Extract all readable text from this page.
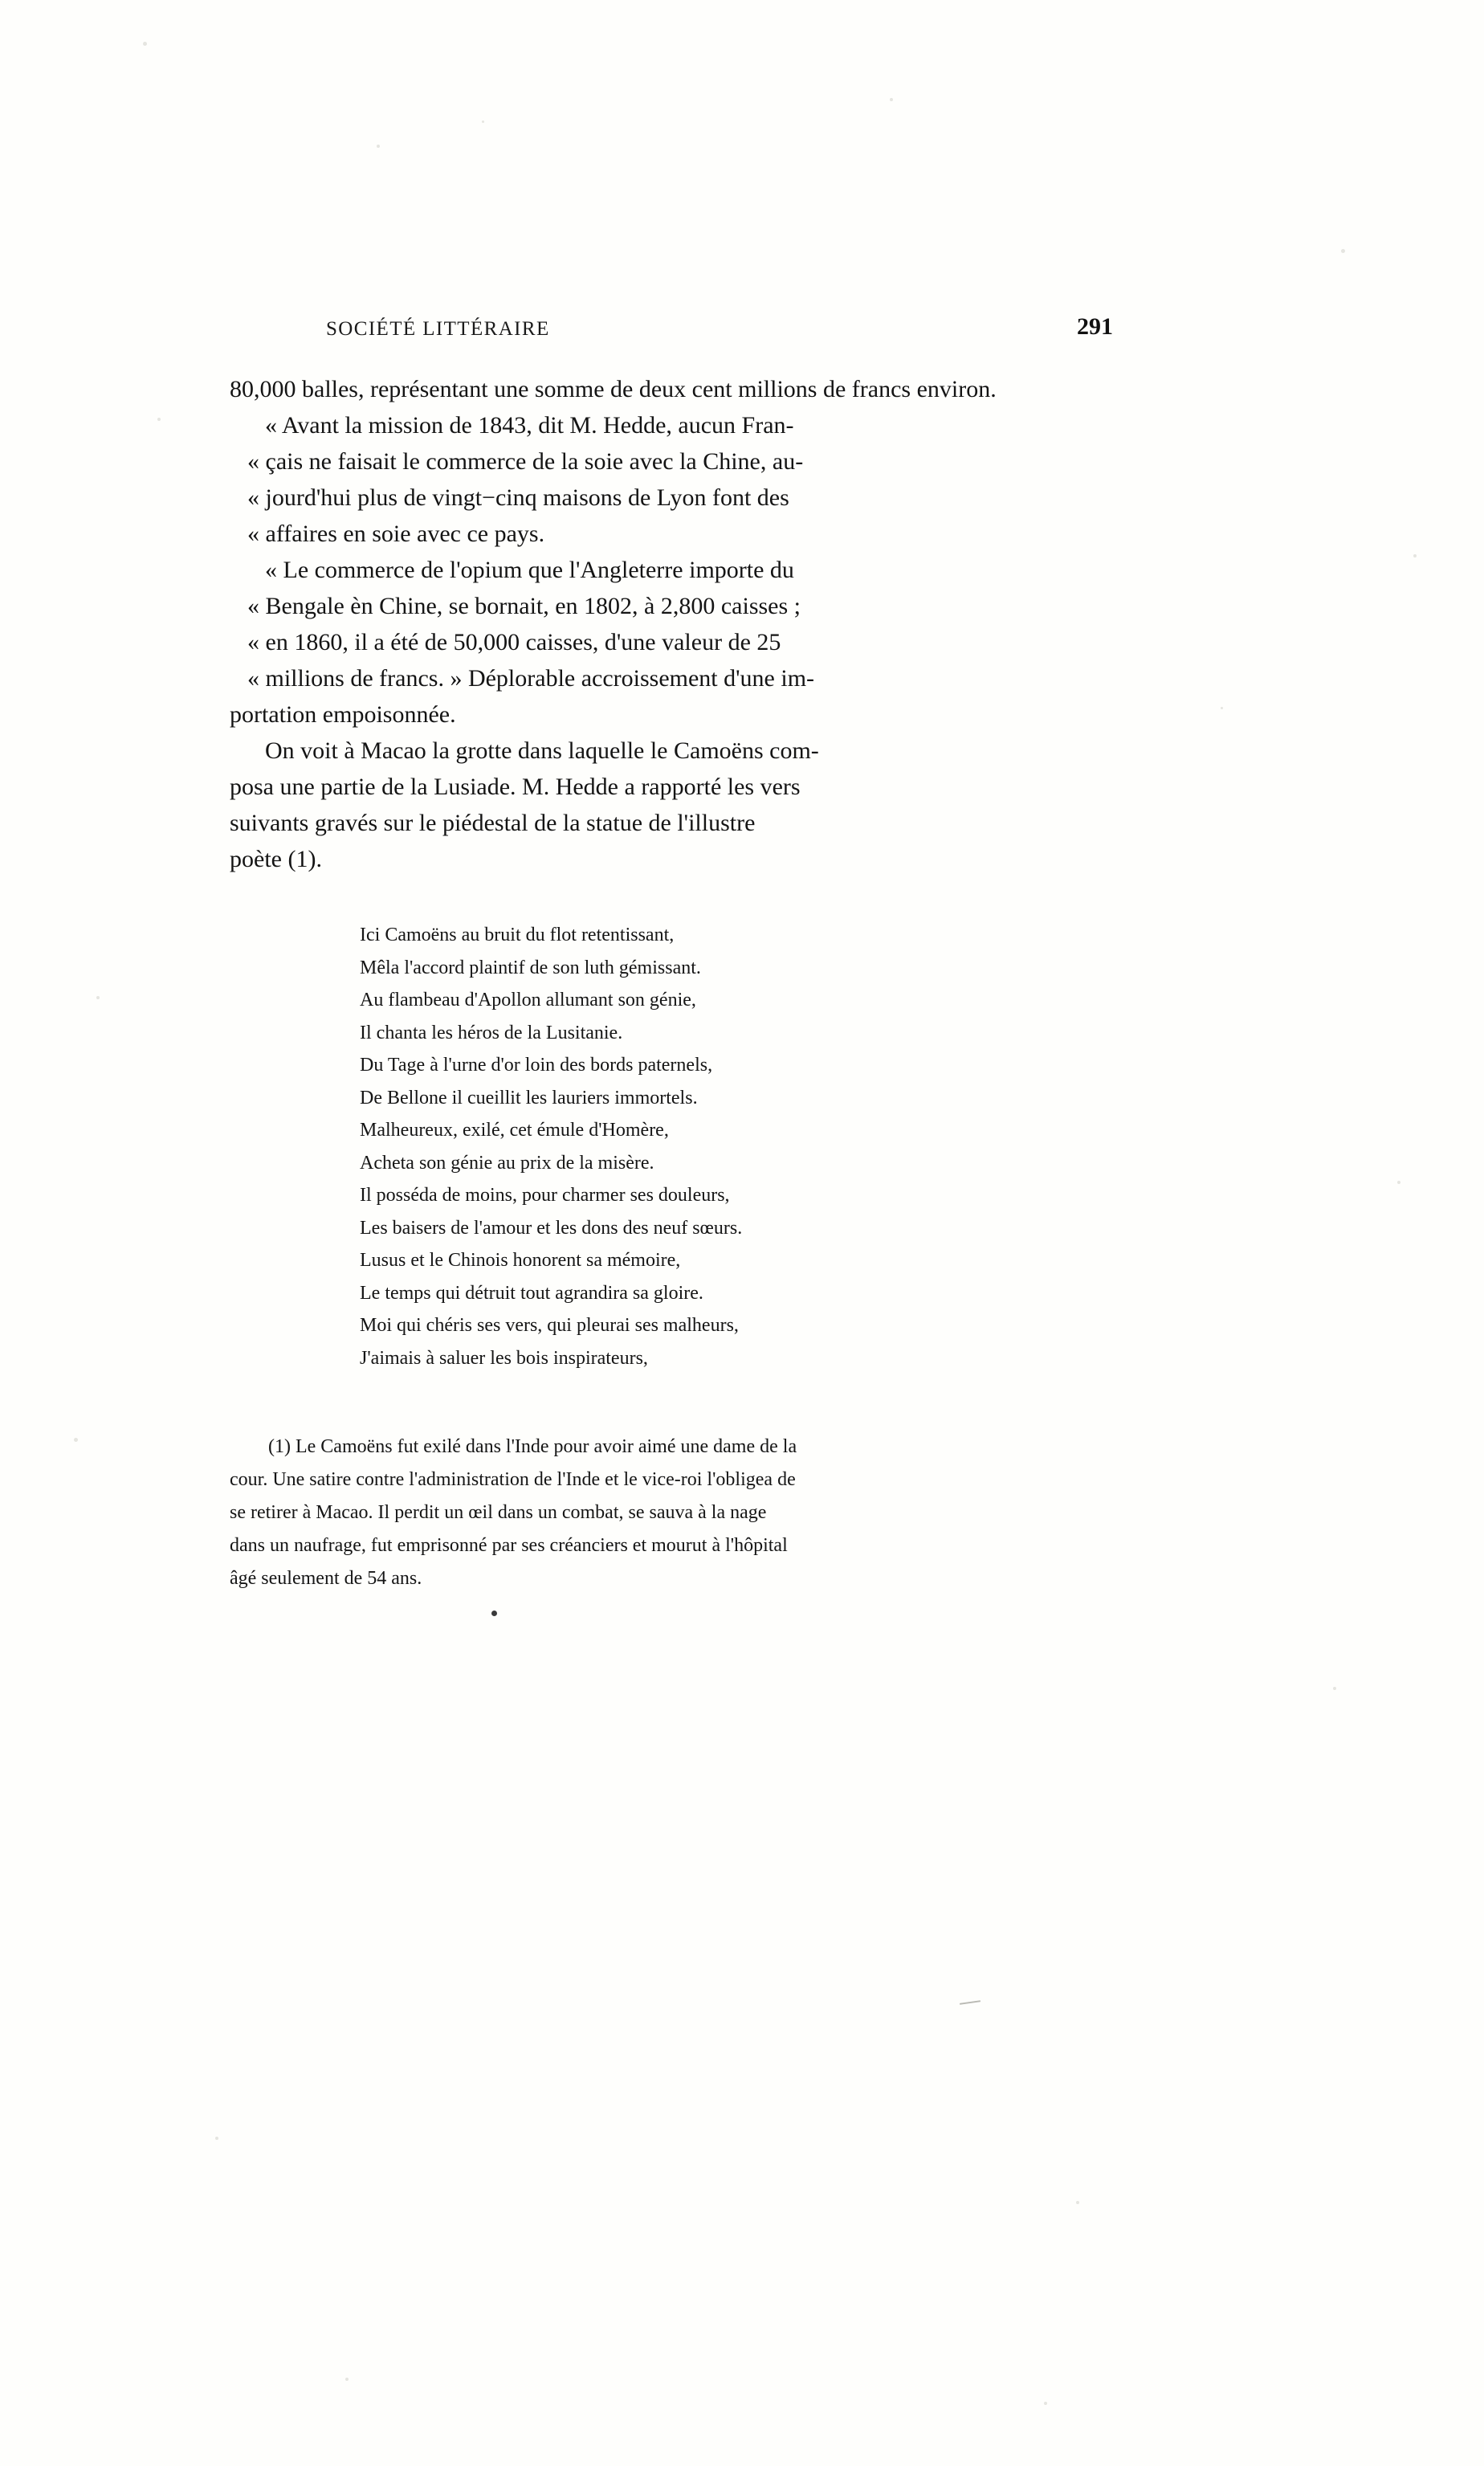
SOCIÉTÉ LITTÉRAIRE	291

80,000 balles, représentant une somme de deux cent millions de francs environ.

« Avant la mission de 1843, dit M. Hedde, aucun Fran-

« çais ne faisait le commerce de la soie avec la Chine, au-

« jourd'hui plus de vingt−cinq maisons de Lyon font des

« affaires en soie avec ce pays.

« Le commerce de l'opium que l'Angleterre importe du

« Bengale èn Chine, se bornait, en 1802, à 2,800 caisses ;

« en 1860, il a été de 50,000 caisses, d'une valeur de 25

« millions de francs. » Déplorable accroissement d'une im-

portation empoisonnée.

On voit à Macao la grotte dans laquelle le Camoëns com-

posa une partie de la Lusiade. M. Hedde a rapporté les vers

suivants gravés sur le piédestal de la statue de l'illustre

poète (1).

Ici Camoëns au bruit du flot retentissant,
Mêla l'accord plaintif de son luth gémissant.
Au flambeau d'Apollon allumant son génie,
Il chanta les héros de la Lusitanie.
Du Tage à l'urne d'or loin des bords paternels,
De Bellone il cueillit les lauriers immortels.
Malheureux, exilé, cet émule d'Homère,
Acheta son génie au prix de la misère.
Il posséda de moins, pour charmer ses douleurs,
Les baisers de l'amour et les dons des neuf sœurs.
Lusus et le Chinois honorent sa mémoire,
Le temps qui détruit tout agrandira sa gloire.
Moi qui chéris ses vers, qui pleurai ses malheurs,
J'aimais à saluer les bois inspirateurs,
(1) Le Camoëns fut exilé dans l'Inde pour avoir aimé une dame de la
cour. Une satire contre l'administration de l'Inde et le vice-roi l'obligea de
se retirer à Macao. Il perdit un œil dans un combat, se sauva à la nage
dans un naufrage, fut emprisonné par ses créanciers et mourut à l'hôpital
âgé seulement de 54 ans.
